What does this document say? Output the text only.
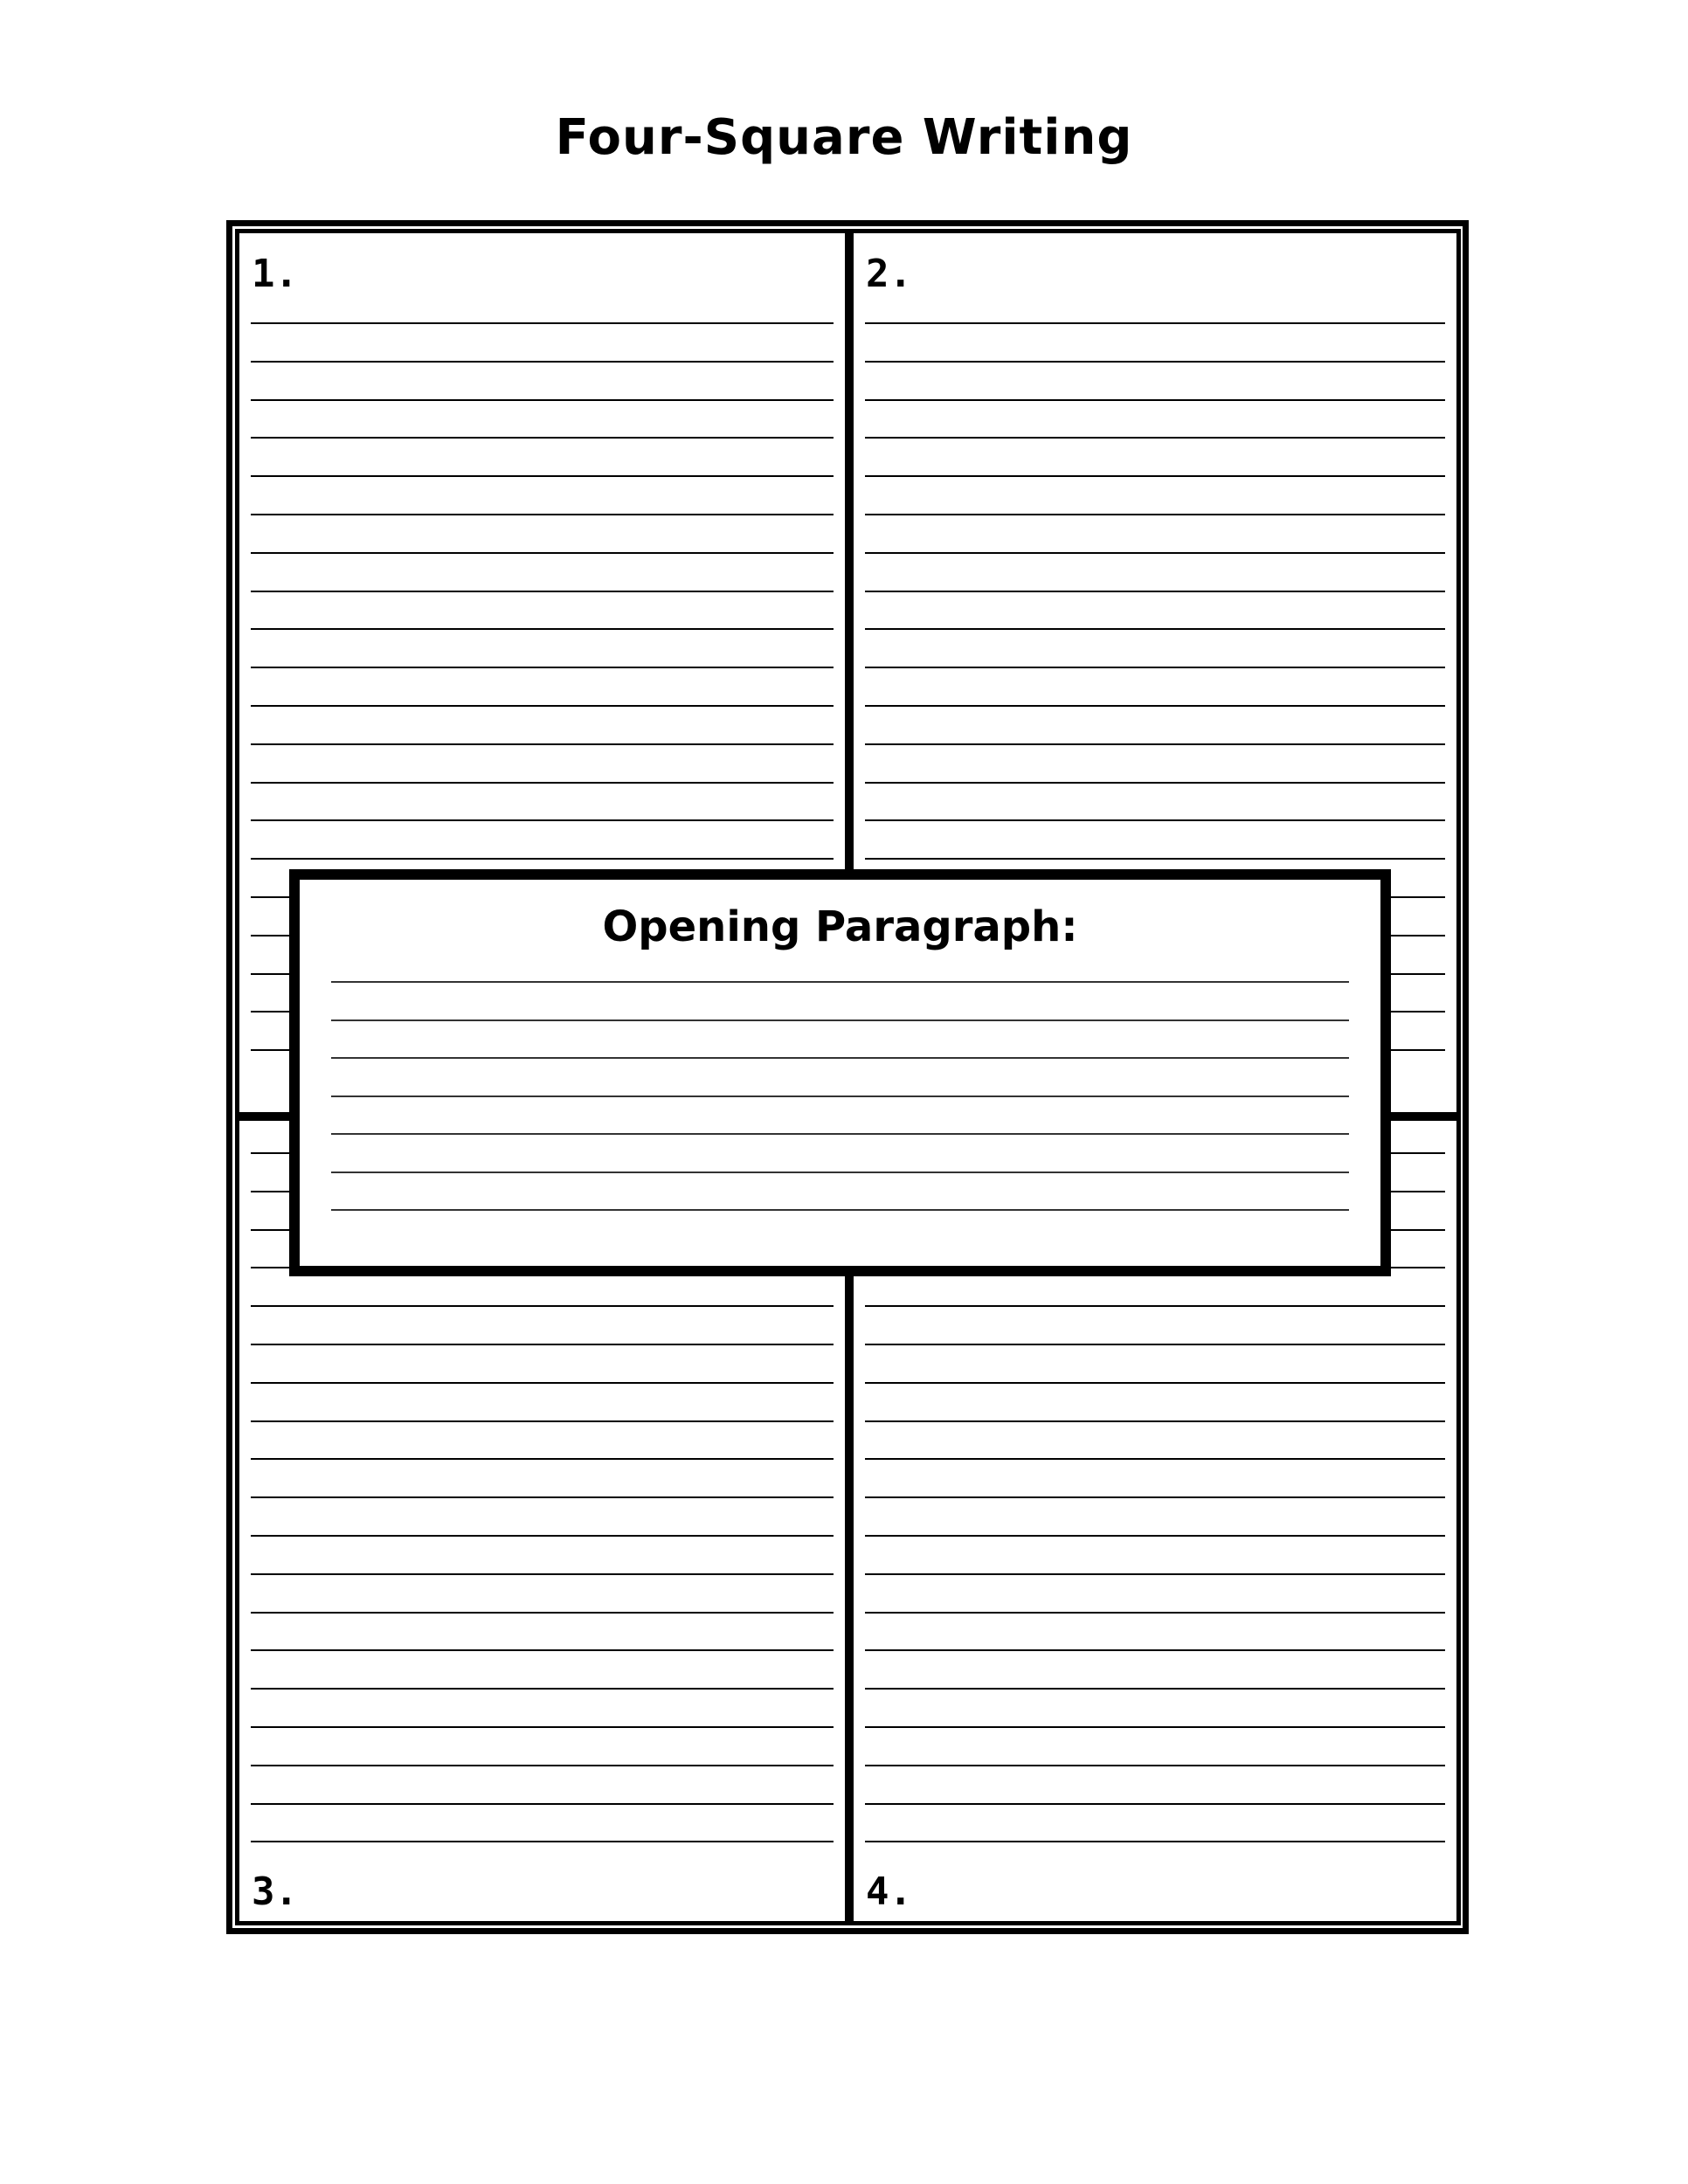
Four-Square Writing
1.	2.
3.	4.
Opening Paragraph:
